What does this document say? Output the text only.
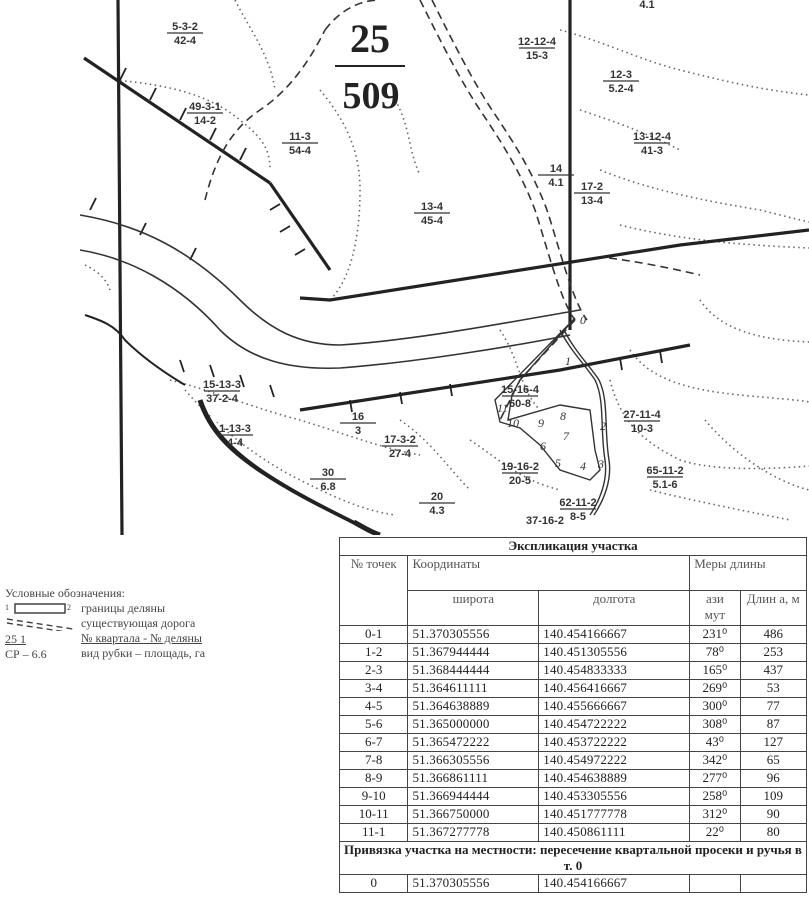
25
509
5-3-2
42-4
49-3-1
14-2
11-3
54-4
13-4
45-4
12-12-4
15-3
12-3
5.2-4
13-12-4
41-3
14
4.1 17-2
13-4
15-13-3
37-2-4
1-13-3
4-4
16
3
17-3-2
27-4
30
6.8
20
4.3
15-16-4
60-8
27-11-4
10-3
19-16-2
20-5
65-11-2
5.1-6
62-11-2
8-5
37-16-2
4.1
0
10 9 8
7
6
5 4 3
2
1
11
Условные обозначения:
1	2 границы деляны
существующая дорога
25 1	№ квартала - № деляны
СР – 6.6	вид рубки – площадь, га
Экспликация участка				
№ точек	Координаты		Меры длины	
	широта	долгота	ази мут	Длин а, м
0-1	51.370305556	140.454166667	231⁰	486
1-2	51.367944444	140.451305556	78⁰	253
2-3	51.368444444	140.454833333	165⁰	437
3-4	51.364611111	140.456416667	269⁰	53
4-5	51.364638889	140.455666667	300⁰	77
5-6	51.365000000	140.454722222	308⁰	87
6-7	51.365472222	140.453722222	43⁰	127
7-8	51.366305556	140.454972222	342⁰	65
8-9	51.366861111	140.454638889	277⁰	96
9-10	51.366944444	140.453305556	258⁰	109
10-11	51.366750000	140.451777778	312⁰	90
11-1	51.367277778	140.450861111	22⁰	80
Привязка участка на местности: пересечение квартальной просеки и ручья в т. 0				
0	51.370305556	140.454166667		
